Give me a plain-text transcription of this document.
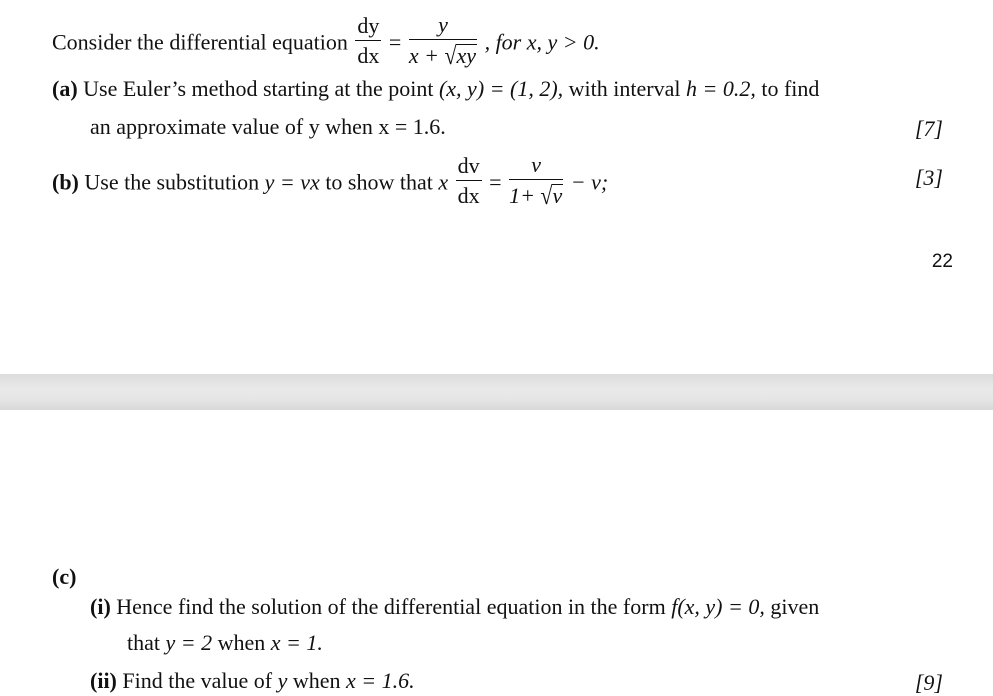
Consider the differential equation $\frac{dy}{dx} = \frac{y}{x + √xy}$ , for x, y > 0.
(a) Use Euler’s method starting at the point (x, y) = (1, 2), with interval h = 0.2, to find
an approximate value of y when x = 1.6.	[7]
(b) Use the substitution y = vx to show that x $\frac{dv}{dx} = \frac{v}{1+ √v} - v$;	[3]
22
(c)
(i) Hence find the solution of the differential equation in the form f(x, y) = 0, given
that y = 2 when x = 1.
(ii) Find the value of y when x = 1.6.	[9]
